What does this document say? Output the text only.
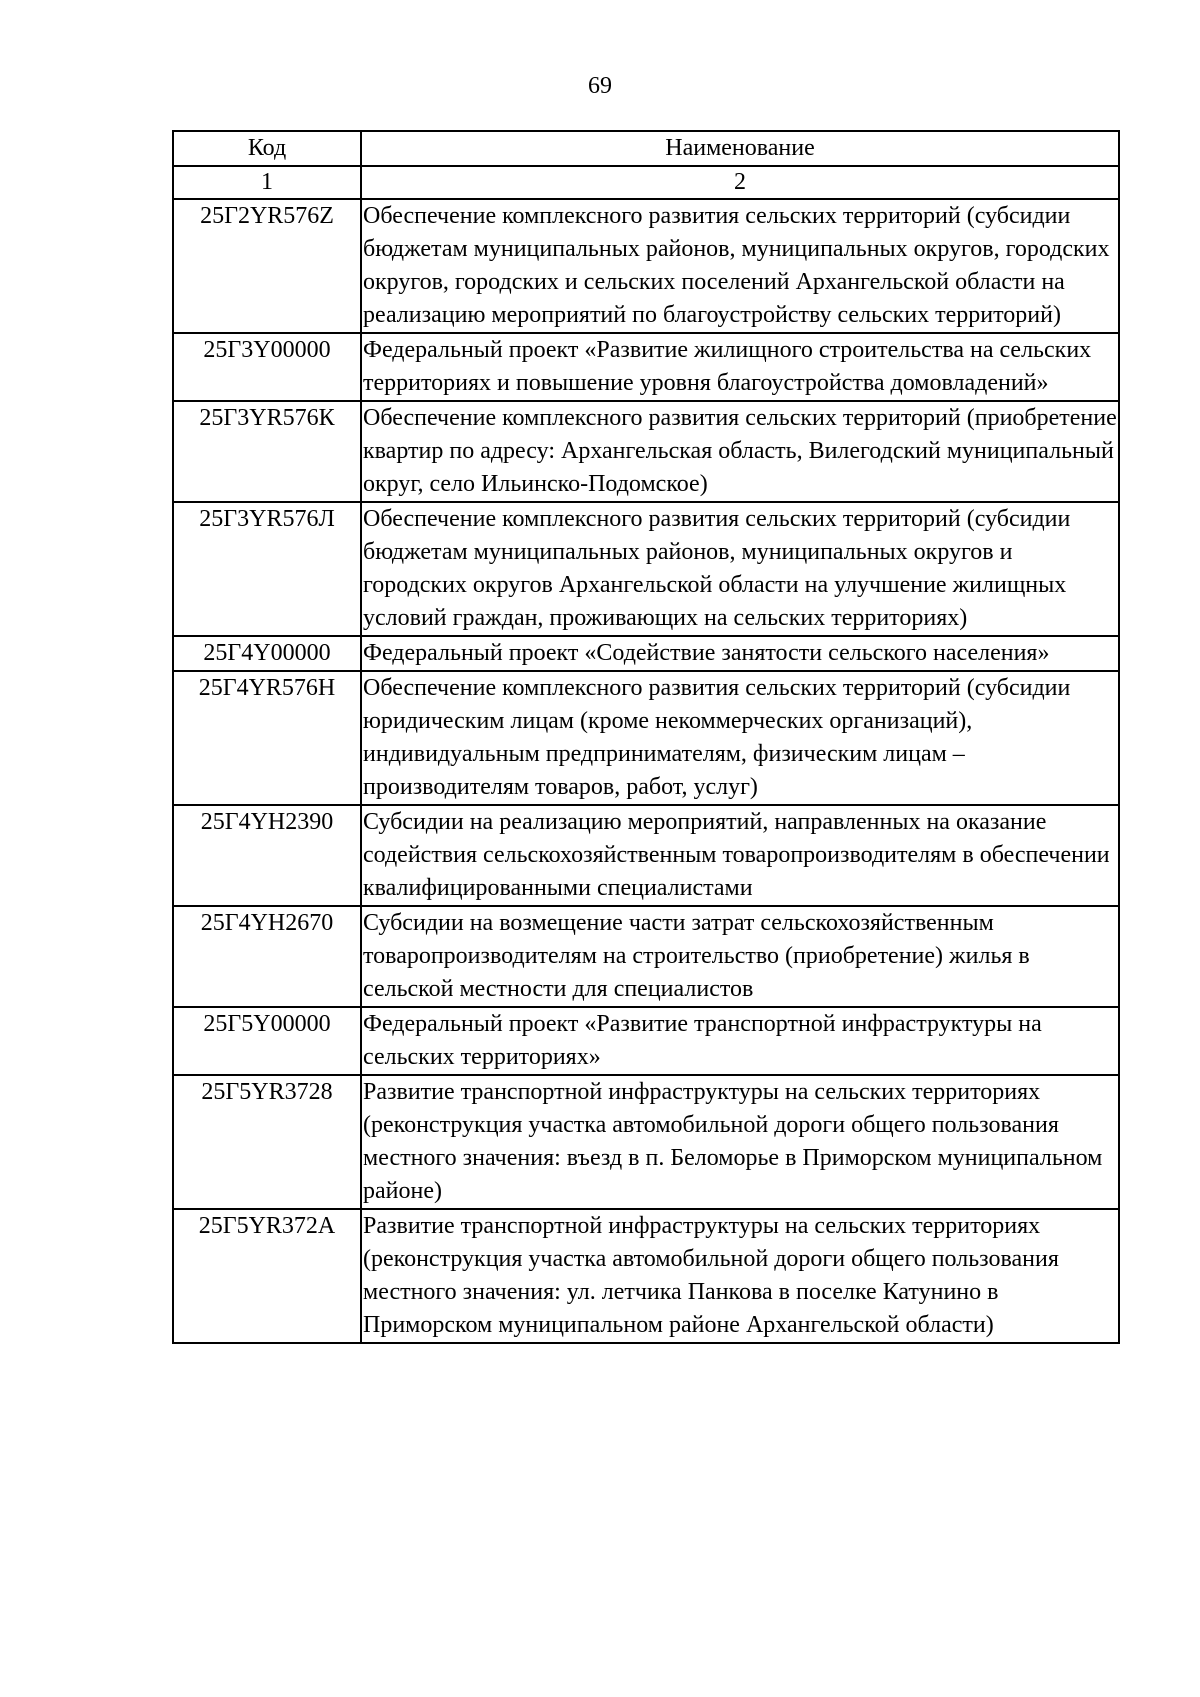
69
Код	Наименование
1	2
25Г2YR576Z	Обеспечение комплексного развития сельских территорий (субсидии бюджетам муниципальных районов, муниципальных округов, городских округов, городских и сельских поселений Архангельской области на реализацию мероприятий по благоустройству сельских территорий)
25Г3Y00000	Федеральный проект «Развитие жилищного строительства на сельских территориях и повышение уровня благоустройства домовладений»
25Г3YR576К	Обеспечение комплексного развития сельских территорий (приобретение квартир по адресу: Архангельская область, Вилегодский муниципальный округ, село Ильинско-Подомское)
25Г3YR576Л	Обеспечение комплексного развития сельских территорий (субсидии бюджетам муниципальных районов, муниципальных округов и городских округов Архангельской области на улучшение жилищных условий граждан, проживающих на сельских территориях)
25Г4Y00000	Федеральный проект «Содействие занятости сельского населения»
25Г4YR576Н	Обеспечение комплексного развития сельских территорий (субсидии юридическим лицам (кроме некоммерческих организаций), индивидуальным предпринимателям, физическим лицам – производителям товаров, работ, услуг)
25Г4YН2390	Субсидии на реализацию мероприятий, направленных на оказание содействия сельскохозяйственным товаропроизводителям в обеспечении квалифицированными специалистами
25Г4YН2670	Субсидии на возмещение части затрат сельскохозяйственным товаропроизводителям на строительство (приобретение) жилья в сельской местности для специалистов
25Г5Y00000	Федеральный проект «Развитие транспортной инфраструктуры на сельских территориях»
25Г5YR3728	Развитие транспортной инфраструктуры на сельских территориях (реконструкция участка автомобильной дороги общего пользования местного значения: въезд в п. Беломорье в Приморском муниципальном районе)
25Г5YR372А	Развитие транспортной инфраструктуры на сельских территориях (реконструкция участка автомобильной дороги общего пользования местного значения: ул. летчика Панкова в поселке Катунино в Приморском муниципальном районе Архангельской области)
